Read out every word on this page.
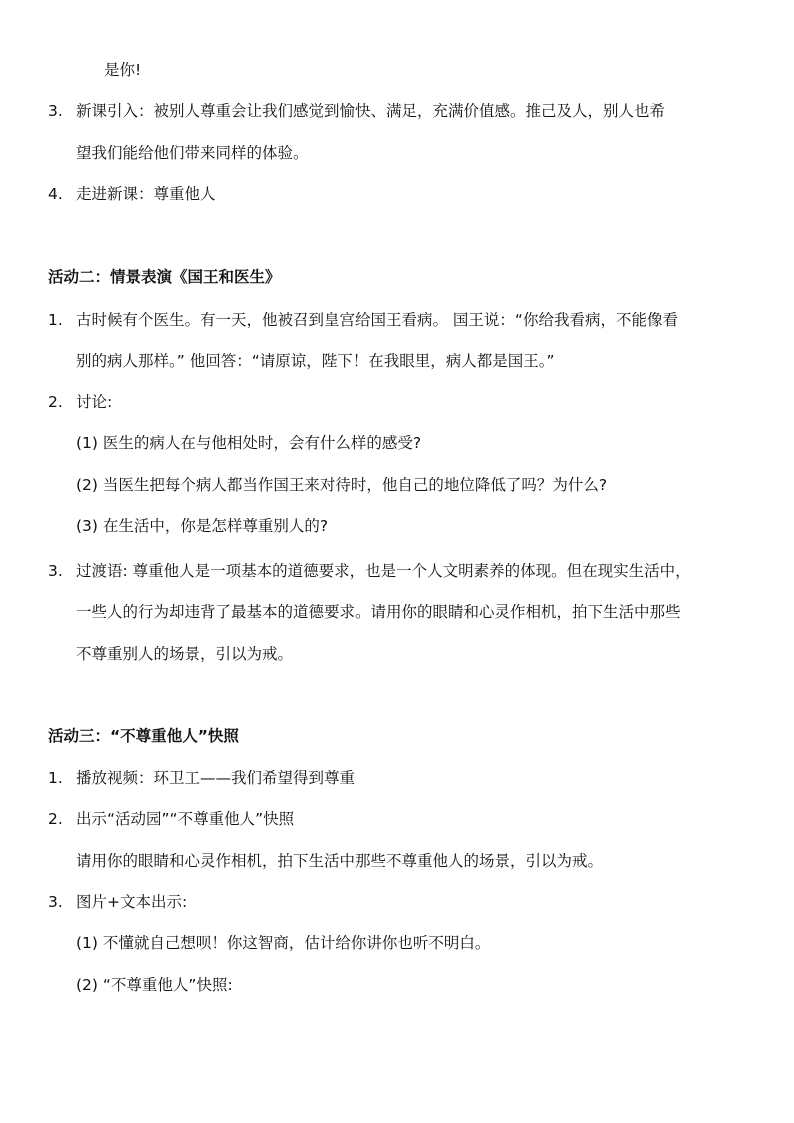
是你!
3. 新课引入：被别人尊重会让我们感觉到愉快、满足，充满价值感。推己及人，别人也希
望我们能给他们带来同样的体验。
4. 走进新课：尊重他人
活动二：情景表演《国王和医生》
1. 古时候有个医生。有一天，他被召到皇宫给国王看病。 国王说：“你给我看病，不能像看
别的病人那样。” 他回答：“请原谅，陛下！在我眼里，病人都是国王。”
2. 讨论:
(1) 医生的病人在与他相处时，会有什么样的感受?
(2) 当医生把每个病人都当作国王来对待时，他自己的地位降低了吗？为什么?
(3) 在生活中，你是怎样尊重别人的?
3. 过渡语: 尊重他人是一项基本的道德要求，也是一个人文明素养的体现。但在现实生活中，
一些人的行为却违背了最基本的道德要求。请用你的眼睛和心灵作相机，拍下生活中那些
不尊重别人的场景，引以为戒。
活动三：“不尊重他人”快照
1. 播放视频：环卫工——我们希望得到尊重
2. 出示“活动园”“不尊重他人”快照
请用你的眼睛和心灵作相机，拍下生活中那些不尊重他人的场景，引以为戒。
3. 图片+文本出示:
(1) 不懂就自己想呗！你这智商，估计给你讲你也听不明白。
(2) “不尊重他人”快照:
